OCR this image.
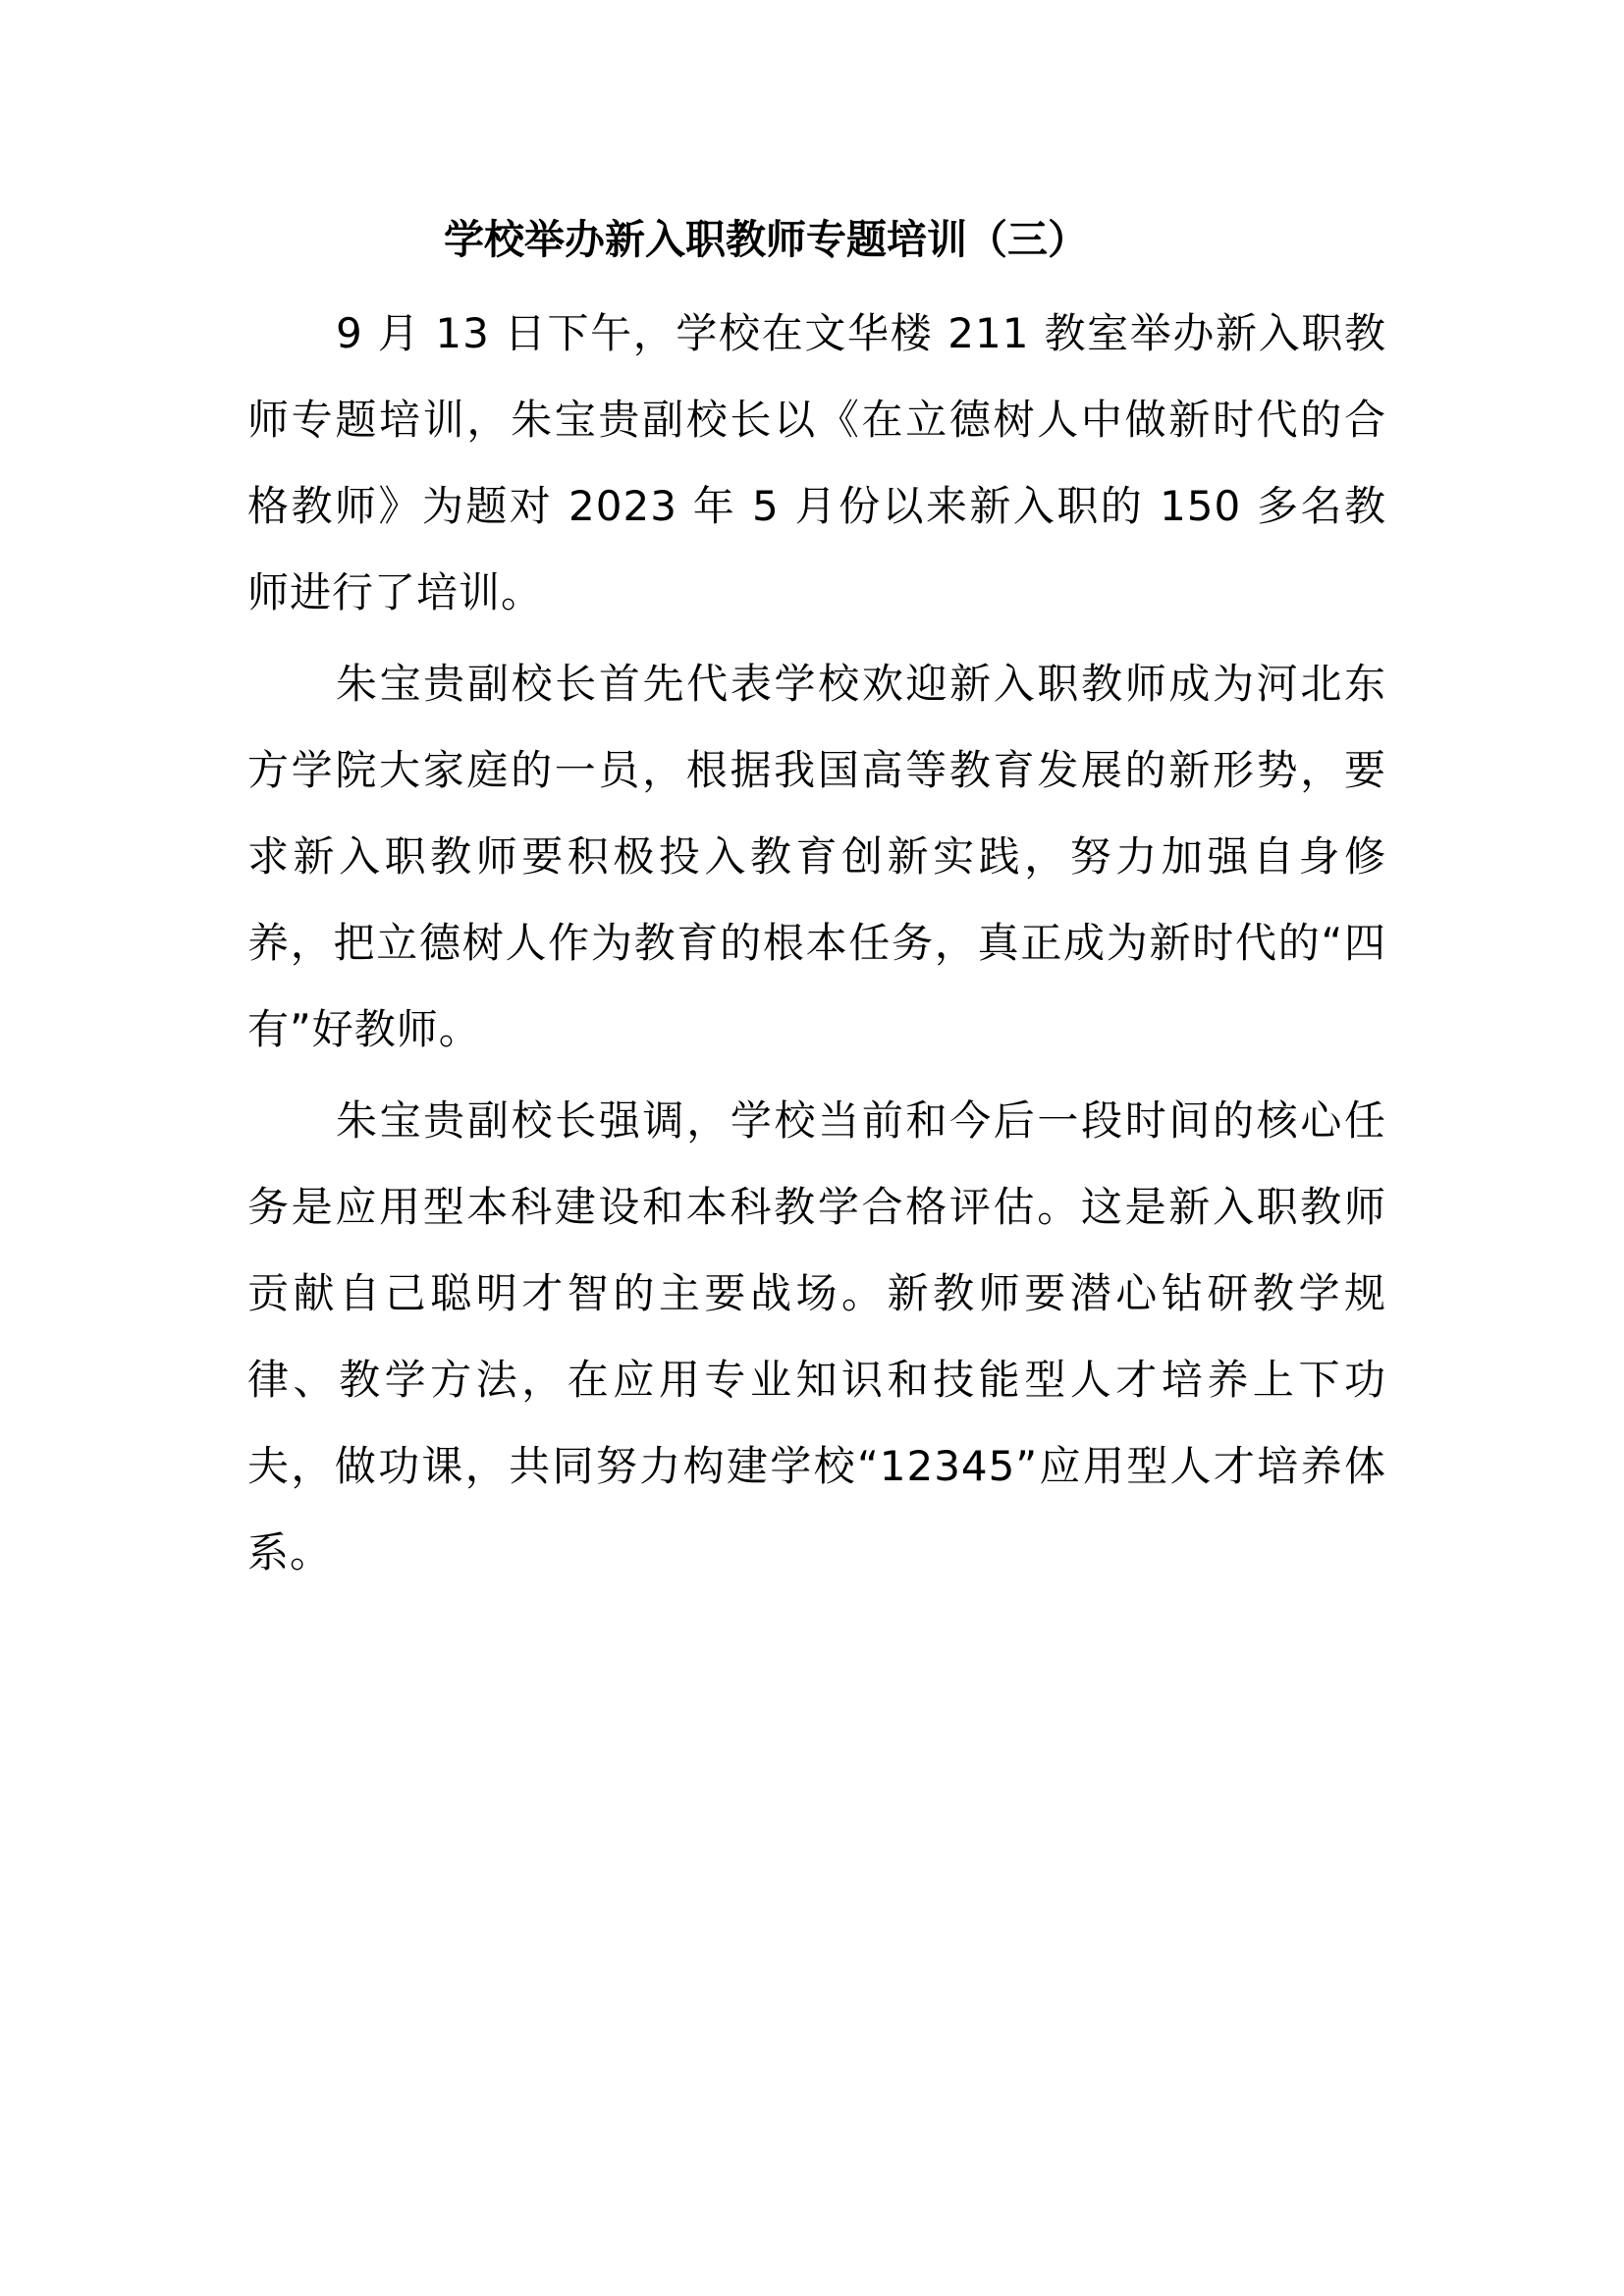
学校举办新入职教师专题培训（三）

9 月 13 日下午，学校在文华楼 211 教室举办新入职教师专题培训，朱宝贵副校长以《在立德树人中做新时代的合格教师》为题对 2023 年 5 月份以来新入职的 150 多名教师进行了培训。

朱宝贵副校长首先代表学校欢迎新入职教师成为河北东方学院大家庭的一员，根据我国高等教育发展的新形势，要求新入职教师要积极投入教育创新实践，努力加强自身修养，把立德树人作为教育的根本任务，真正成为新时代的“四有”好教师。

朱宝贵副校长强调，学校当前和今后一段时间的核心任务是应用型本科建设和本科教学合格评估。这是新入职教师贡献自己聪明才智的主要战场。新教师要潜心钻研教学规律、教学方法，在应用专业知识和技能型人才培养上下功夫，做功课，共同努力构建学校“12345”应用型人才培养体系。
